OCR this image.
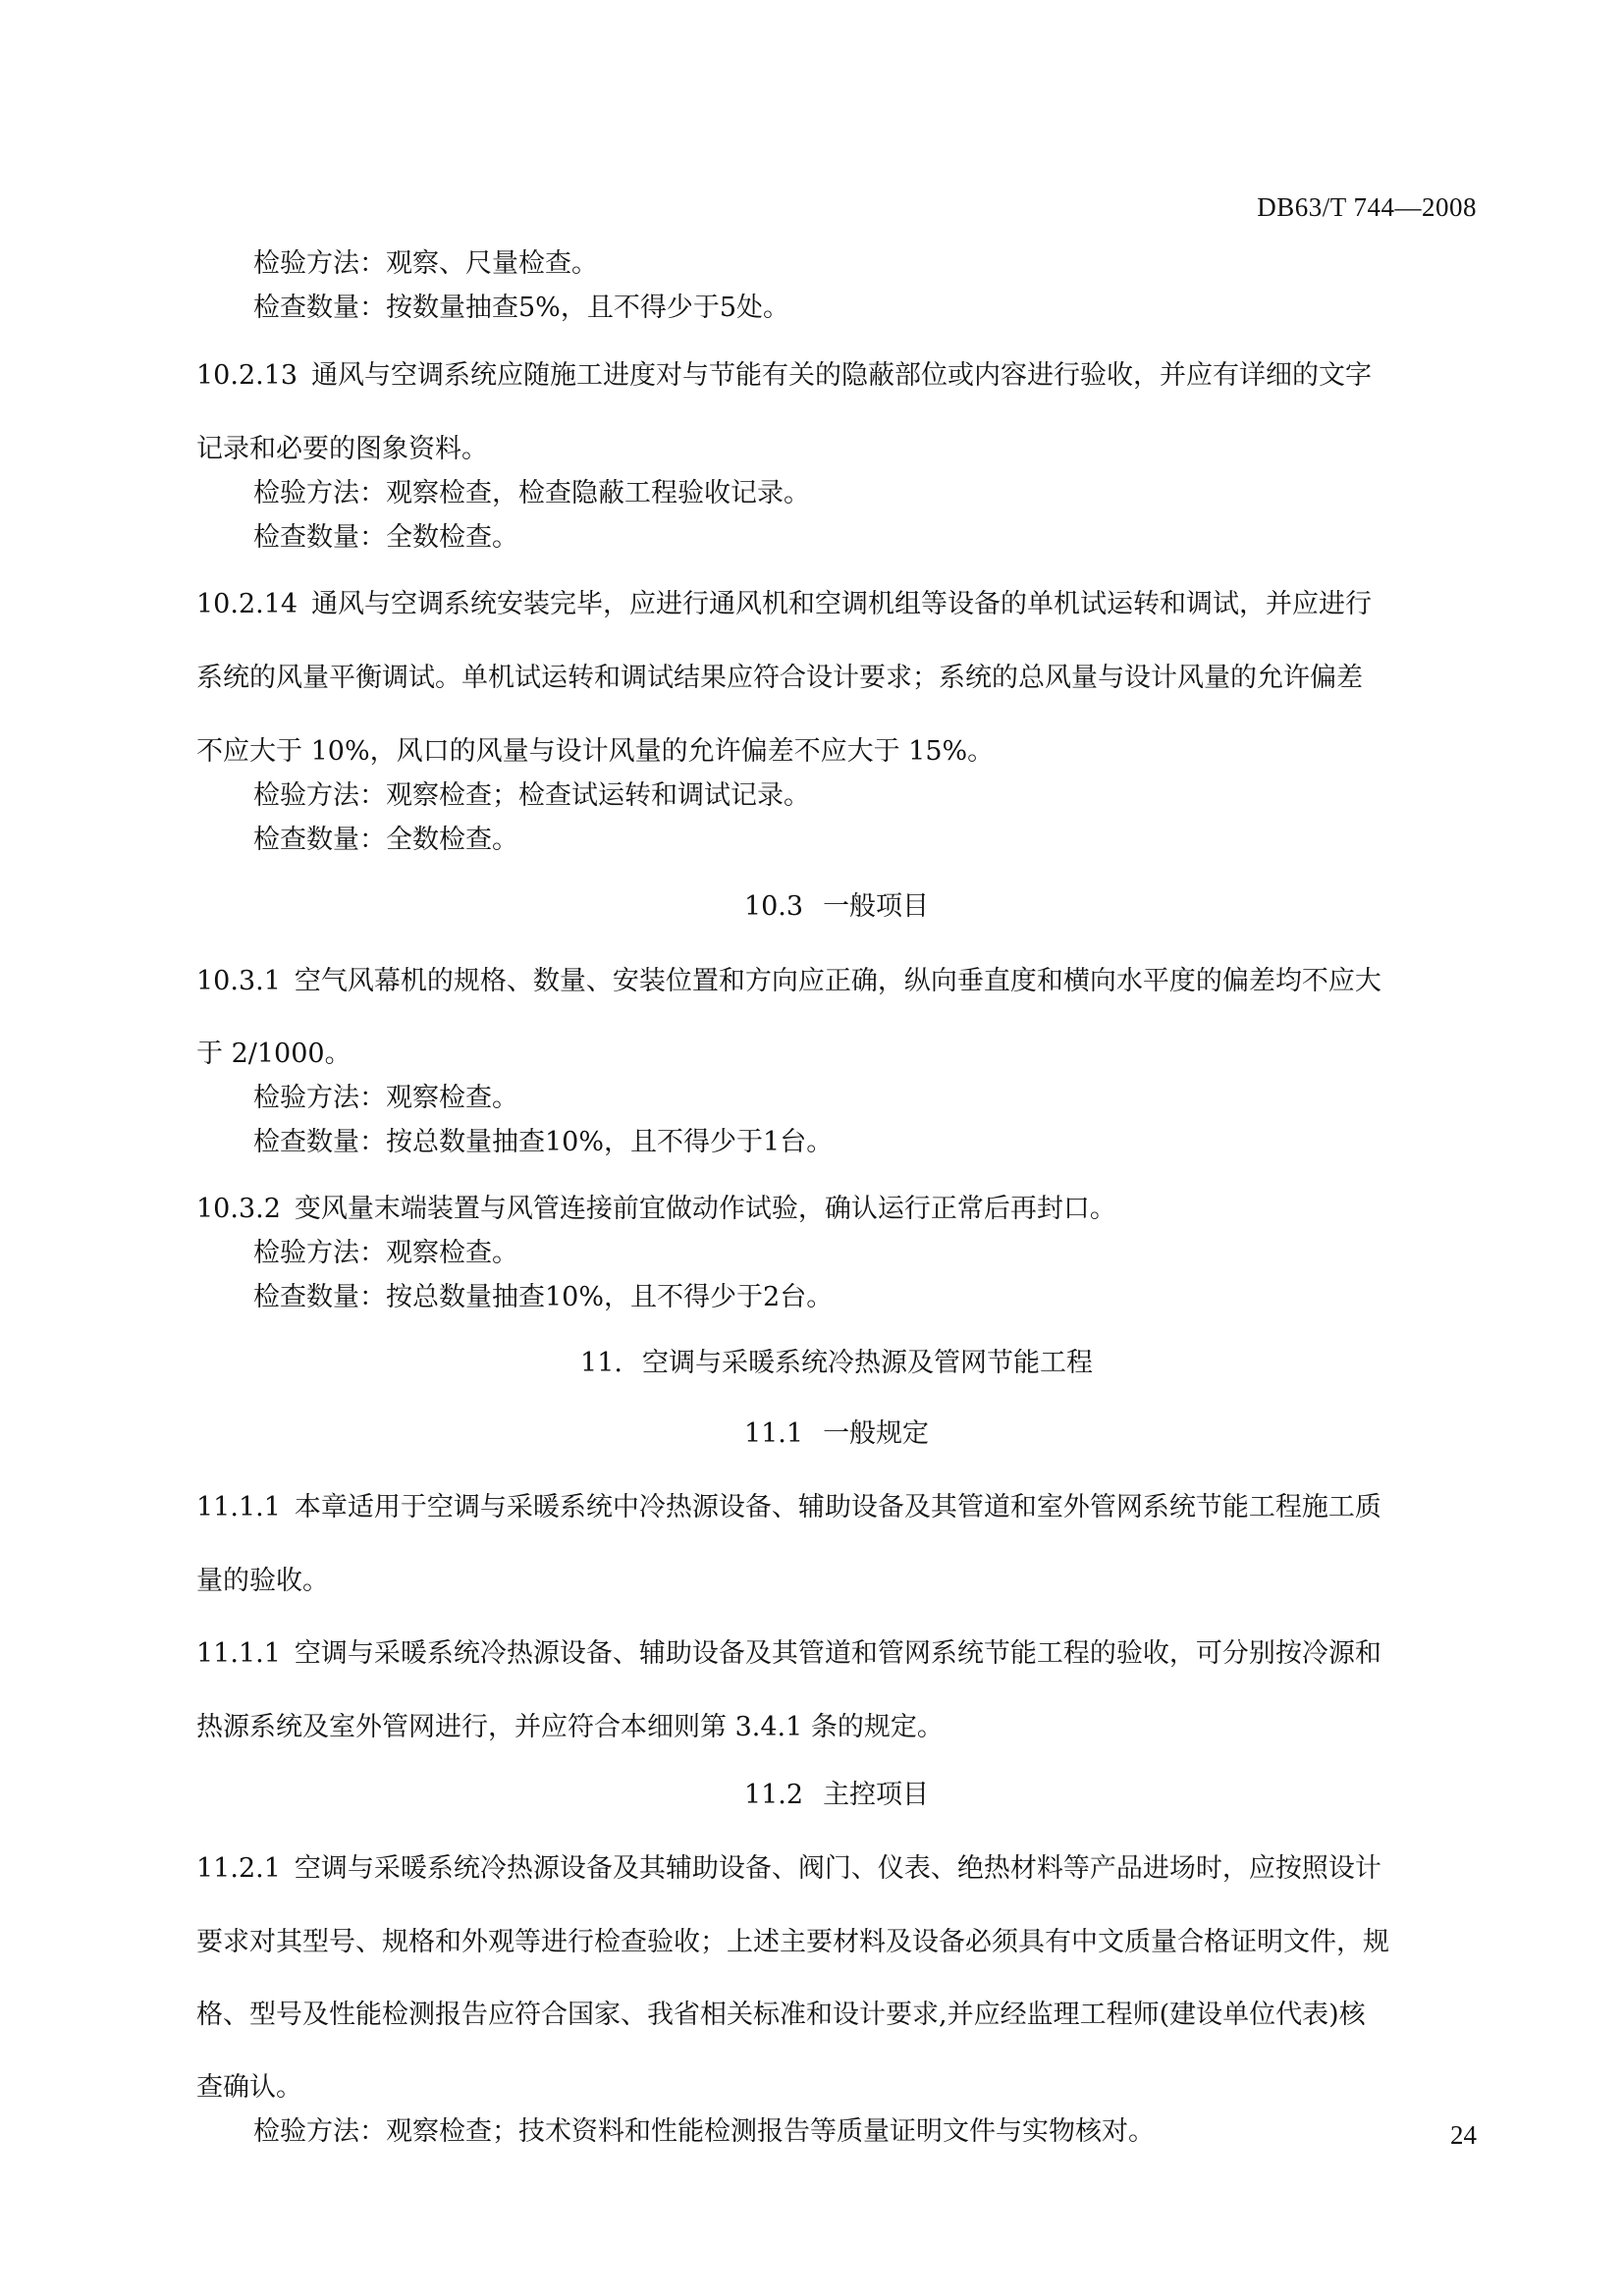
DB63/T 744—2008
检验方法：观察、尺量检查。
检查数量：按数量抽查5%，且不得少于5处。
10.2.13 通风与空调系统应随施工进度对与节能有关的隐蔽部位或内容进行验收，并应有详细的文字
记录和必要的图象资料。
检验方法：观察检查，检查隐蔽工程验收记录。
检查数量：全数检查。
10.2.14 通风与空调系统安装完毕，应进行通风机和空调机组等设备的单机试运转和调试，并应进行
系统的风量平衡调试。单机试运转和调试结果应符合设计要求；系统的总风量与设计风量的允许偏差
不应大于 10%，风口的风量与设计风量的允许偏差不应大于 15%。
检验方法：观察检查；检查试运转和调试记录。
检查数量：全数检查。
10.3 一般项目
10.3.1 空气风幕机的规格、数量、安装位置和方向应正确，纵向垂直度和横向水平度的偏差均不应大
于 2/1000。
检验方法：观察检查。
检查数量：按总数量抽查10%，且不得少于1台。
10.3.2 变风量末端装置与风管连接前宜做动作试验，确认运行正常后再封口。
检验方法：观察检查。
检查数量：按总数量抽查10%，且不得少于2台。
11. 空调与采暖系统冷热源及管网节能工程
11.1 一般规定
11.1.1 本章适用于空调与采暖系统中冷热源设备、辅助设备及其管道和室外管网系统节能工程施工质
量的验收。
11.1.1 空调与采暖系统冷热源设备、辅助设备及其管道和管网系统节能工程的验收，可分别按冷源和
热源系统及室外管网进行，并应符合本细则第 3.4.1 条的规定。
11.2 主控项目
11.2.1 空调与采暖系统冷热源设备及其辅助设备、阀门、仪表、绝热材料等产品进场时，应按照设计
要求对其型号、规格和外观等进行检查验收；上述主要材料及设备必须具有中文质量合格证明文件，规
格、型号及性能检测报告应符合国家、我省相关标准和设计要求,并应经监理工程师(建设单位代表)核
查确认。
检验方法：观察检查；技术资料和性能检测报告等质量证明文件与实物核对。	24
